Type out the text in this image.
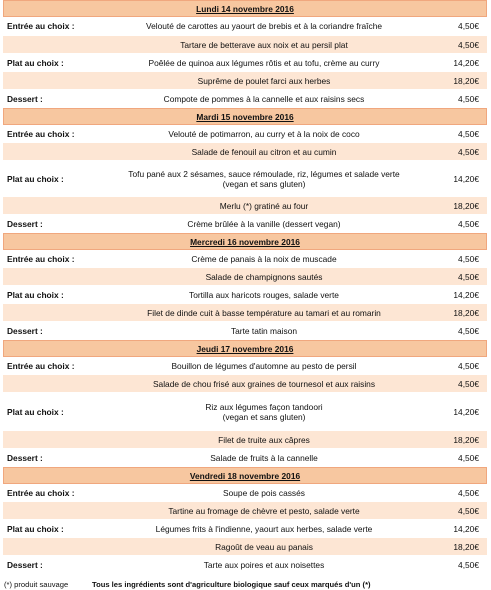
Lundi 14 novembre 2016
Entrée au choix :	Velouté de carottes au yaourt de brebis et à la coriandre fraîche	4,50€
Tartare de betterave aux noix et au persil plat	4,50€
Plat au choix :	Poêlée de quinoa aux légumes rôtis et au tofu, crème au curry	14,20€
Suprême de poulet farci aux herbes	18,20€
Dessert :	Compote de pommes à la cannelle et aux raisins secs	4,50€
Mardi 15 novembre 2016
Entrée au choix :	Velouté de potimarron, au curry et à la noix de coco	4,50€
Salade de fenouil au citron et au cumin	4,50€
Plat au choix :	Tofu pané aux 2 sésames, sauce rémoulade, riz, légumes et salade verte
(vegan et sans gluten)	14,20€
Merlu (*) gratiné au four	18,20€
Dessert :	Crème brûlée à la vanille (dessert vegan)	4,50€
Mercredi 16 novembre 2016
Entrée au choix :	Crème de panais à la noix de muscade	4,50€
Salade de champignons sautés	4,50€
Plat au choix :	Tortilla aux haricots rouges, salade verte	14,20€
Filet de dinde cuit à basse température au tamari et au romarin	18,20€
Dessert :	Tarte tatin maison	4,50€
Jeudi 17 novembre 2016
Entrée au choix :	Bouillon de légumes d'automne au pesto de persil	4,50€
Salade de chou frisé aux graines de tournesol et aux raisins	4,50€
Plat au choix :	Riz aux légumes façon tandoori
(vegan et sans gluten)	14,20€
Filet de truite aux câpres	18,20€
Dessert :	Salade de fruits à la cannelle	4,50€
Vendredi 18 novembre 2016
Entrée au choix :	Soupe de pois cassés	4,50€
Tartine au fromage de chèvre et pesto, salade verte	4,50€
Plat au choix :	Légumes frits à l'indienne, yaourt aux herbes, salade verte	14,20€
Ragoût de veau au panais	18,20€
Dessert :	Tarte aux poires et aux noisettes	4,50€
(*) produit sauvage	Tous les ingrédients sont d'agriculture biologique sauf ceux marqués d'un (*)
